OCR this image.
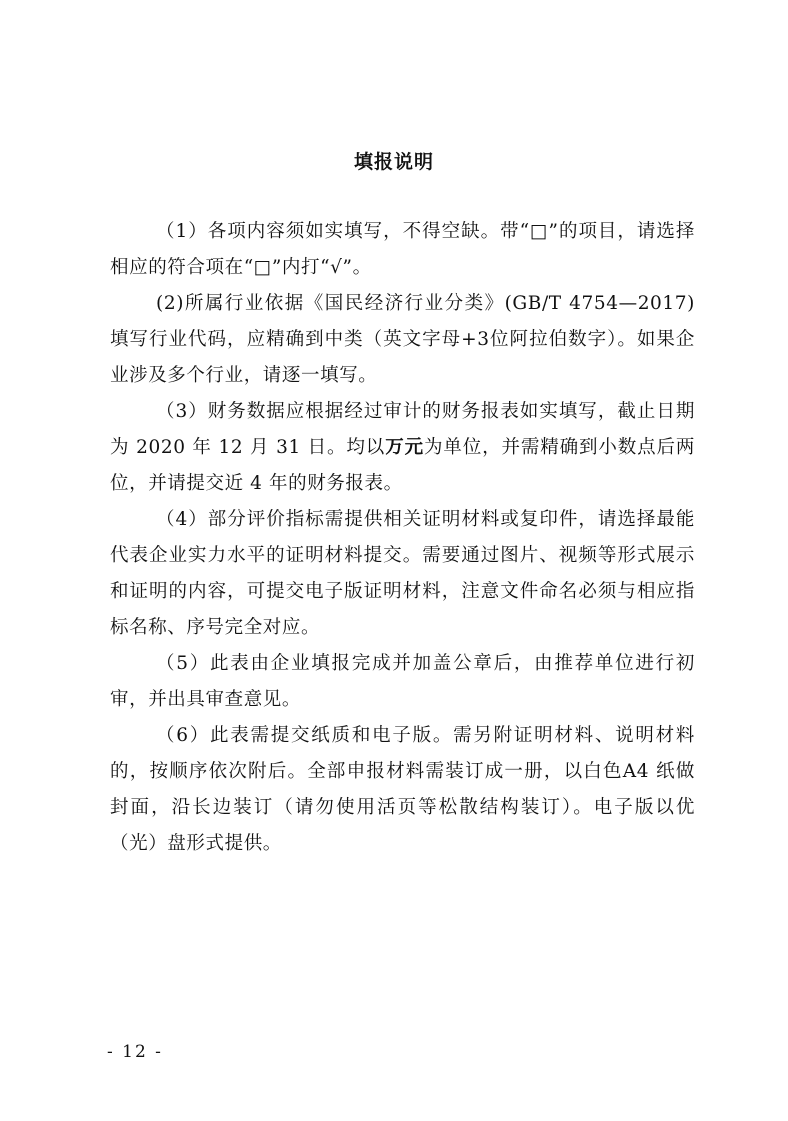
填报说明

（1）各项内容须如实填写，不得空缺。带“□”的项目，请选择相应的符合项在“□”内打“√”。

(2)所属行业依据《国民经济行业分类》(GB/T 4754—2017)填写行业代码，应精确到中类（英文字母+3位阿拉伯数字）。如果企业涉及多个行业，请逐一填写。

（3）财务数据应根据经过审计的财务报表如实填写，截止日期为 2020 年 12 月 31 日。均以万元为单位，并需精确到小数点后两位，并请提交近 4 年的财务报表。

（4）部分评价指标需提供相关证明材料或复印件，请选择最能代表企业实力水平的证明材料提交。需要通过图片、视频等形式展示和证明的内容，可提交电子版证明材料，注意文件命名必须与相应指标名称、序号完全对应。

（5）此表由企业填报完成并加盖公章后，由推荐单位进行初审，并出具审查意见。

（6）此表需提交纸质和电子版。需另附证明材料、说明材料的，按顺序依次附后。全部申报材料需装订成一册，以白色A4 纸做封面，沿长边装订（请勿使用活页等松散结构装订）。电子版以优（光）盘形式提供。

- 12 -
